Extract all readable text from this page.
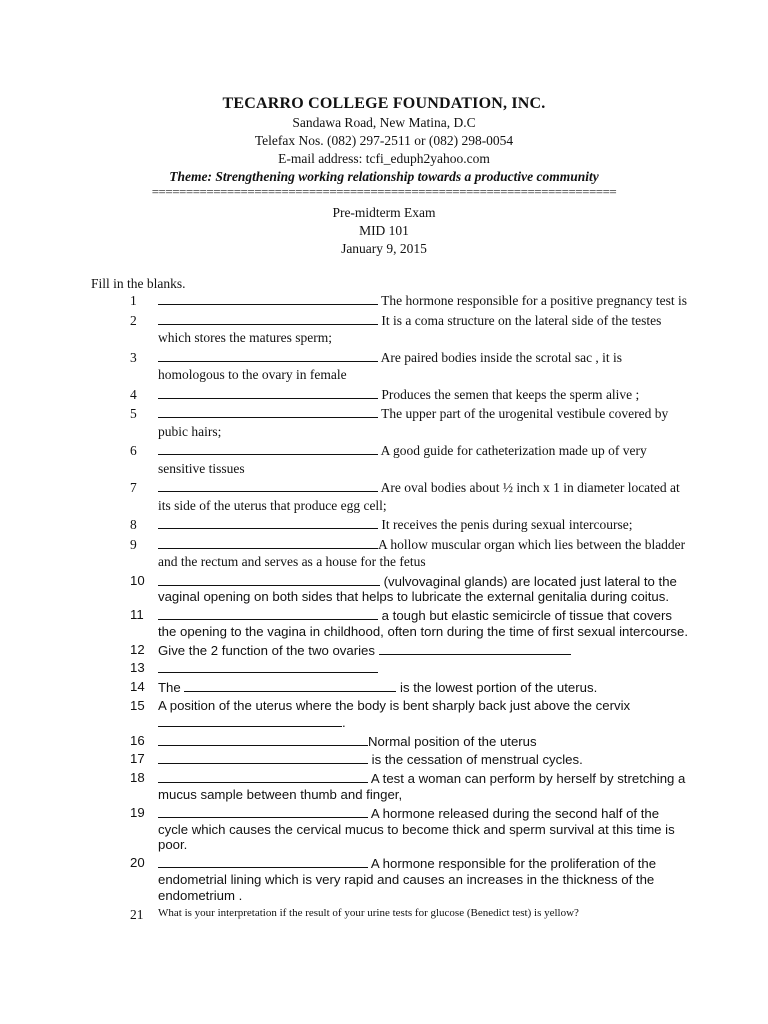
TECARRO COLLEGE FOUNDATION, INC.
Sandawa Road, New Matina, D.C
Telefax Nos. (082) 297-2511 or (082) 298-0054
E-mail address: tcfi_eduph2yahoo.com
Theme: Strengthening working relationship towards a productive community
====================================================================
Pre-midterm Exam
MID 101
January 9, 2015
Fill in the blanks.
1	The hormone responsible for a positive pregnancy test is
2	It is a coma structure on the lateral side of the testes which stores the matures sperm;
3	Are paired bodies inside the scrotal sac , it is homologous to the ovary in female
4	Produces the semen that keeps the sperm alive ;
5	The upper part of the urogenital vestibule covered by pubic hairs;
6	A good guide for catheterization made up of very sensitive tissues
7	Are oval bodies about ½ inch x 1 in diameter located at its side of the uterus that produce egg cell;
8	It receives the penis during sexual intercourse;
9	A hollow muscular organ which lies between the bladder and the rectum and serves as a house for the fetus
10	(vulvovaginal glands) are located just lateral to the vaginal opening on both sides that helps to lubricate the external genitalia during coitus.
11	a tough but elastic semicircle of tissue that covers the opening to the vagina in childhood, often torn during the time of first sexual intercourse.
12	Give the 2 function of the two ovaries
13
14	The	is the lowest portion of the uterus.
15	A position of the uterus where the body is bent sharply back just above the cervix.
16	Normal position of the uterus
17	is the cessation of menstrual cycles.
18	A test a woman can perform by herself by stretching a mucus sample between thumb and finger,
19	A hormone released during the second half of the cycle which causes the cervical mucus to become thick and sperm survival at this time is poor.
20	A hormone responsible for the proliferation of the endometrial lining which is very rapid and causes an increases in the thickness of the endometrium .
21	What is your interpretation if the result of your urine tests for glucose (Benedict test) is yellow?
